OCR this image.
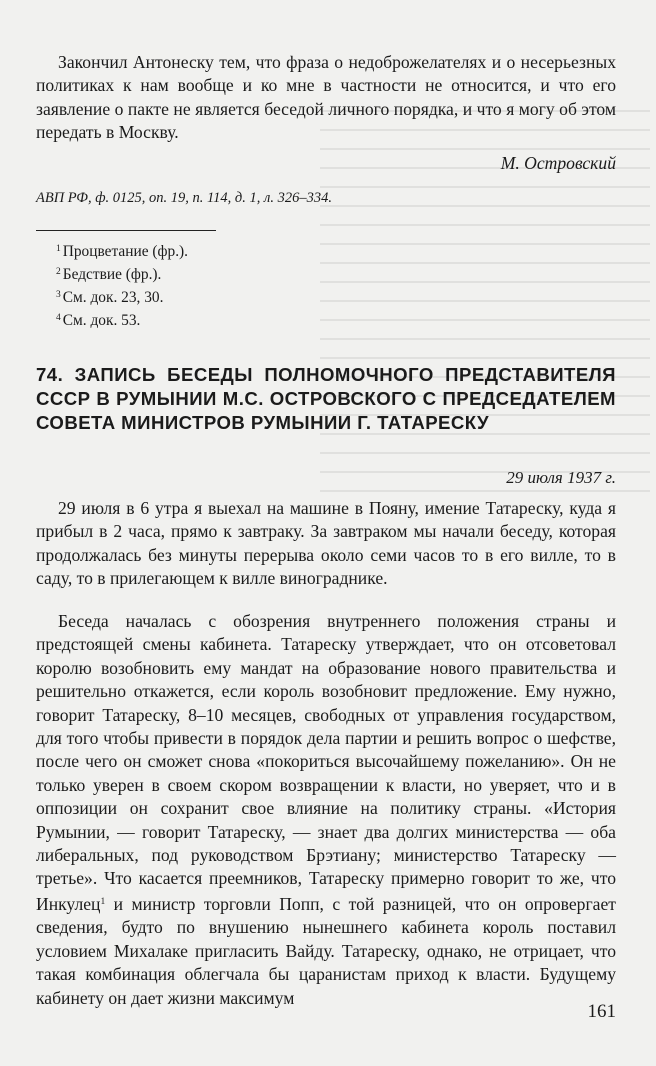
Закончил Антонеску тем, что фраза о недоброжелателях и о несерьезных политиках к нам вообще и ко мне в частности не относится, и что его заявление о пакте не является беседой личного порядка, и что я могу об этом передать в Москву.

М. Островский
АВП РФ, ф. 0125, оп. 19, п. 114, д. 1, л. 326–334.

$^1$ Процветание (фр.).

$^2$ Бедствие (фр.).

$^3$ См. док. 23, 30.

$^4$ См. док. 53.

74. ЗАПИСЬ БЕСЕДЫ ПОЛНОМОЧНОГО ПРЕДСТАВИТЕЛЯ СССР В РУМЫНИИ М.С. ОСТРОВСКОГО С ПРЕДСЕДАТЕЛЕМ СОВЕТА МИНИСТРОВ РУМЫНИИ Г. ТАТАРЕСКУ
29 июля 1937 г.

29 июля в 6 утра я выехал на машине в Пояну, имение Татареску, куда я прибыл в 2 часа, прямо к завтраку. За завтраком мы начали беседу, которая продолжалась без минуты перерыва около семи часов то в его вилле, то в саду, то в прилегающем к вилле винограднике.

Беседа началась с обозрения внутреннего положения страны и предстоящей смены кабинета. Татареску утверждает, что он отсоветовал королю возобновить ему мандат на образование нового правительства и решительно откажется, если король возобновит предложение. Ему нужно, говорит Татареску, 8–10 месяцев, свободных от управления государством, для того чтобы привести в порядок дела партии и решить вопрос о шефстве, после чего он сможет снова «покориться высочайшему пожеланию». Он не только уверен в своем скором возвращении к власти, но уверяет, что и в оппозиции он сохранит свое влияние на политику страны. «История Румынии, — говорит Татареску, — знает два долгих министерства — оба либеральных, под руководством Брэтиану; министерство Татареску — третье». Что касается преемников, Татареску примерно говорит то же, что Инкулец$^1$ и министр торговли Попп, с той разницей, что он опровергает сведения, будто по внушению нынешнего кабинета король поставил условием Михалаке пригласить Вайду. Татареску, однако, не отрицает, что такая комбинация облегчала бы царанистам приход к власти. Будущему кабинету он дает жизни максимум

161
